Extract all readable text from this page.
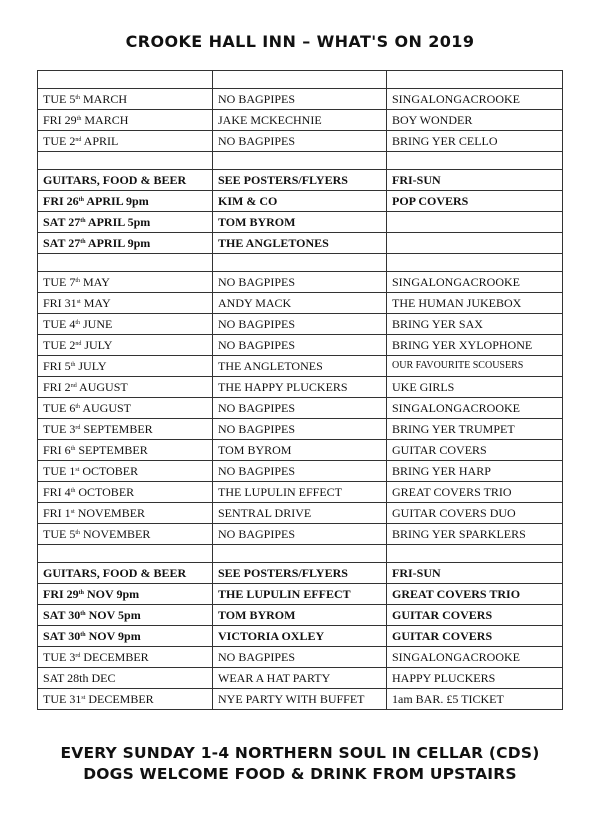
CROOKE HALL INN – WHAT'S ON 2019

TUE 5th MARCH	NO BAGPIPES	SINGALONGACROOKE
FRI 29th MARCH	JAKE MCKECHNIE	BOY WONDER
TUE 2nd APRIL	NO BAGPIPES	BRING YER CELLO

GUITARS, FOOD & BEER	SEE POSTERS/FLYERS	FRI-SUN
FRI 26th APRIL 9pm	KIM & CO	POP COVERS
SAT 27th APRIL 5pm	TOM BYROM	
SAT 27th APRIL 9pm	THE ANGLETONES	

TUE 7th MAY	NO BAGPIPES	SINGALONGACROOKE
FRI 31st MAY	ANDY MACK	THE HUMAN JUKEBOX
TUE 4th JUNE	NO BAGPIPES	BRING YER SAX
TUE 2nd JULY	NO BAGPIPES	BRING YER XYLOPHONE
FRI 5th JULY	THE ANGLETONES	OUR FAVOURITE SCOUSERS
FRI 2nd AUGUST	THE HAPPY PLUCKERS	UKE GIRLS
TUE 6th AUGUST	NO BAGPIPES	SINGALONGACROOKE
TUE 3rd SEPTEMBER	NO BAGPIPES	BRING YER TRUMPET
FRI 6th SEPTEMBER	TOM BYROM	GUITAR COVERS
TUE 1st OCTOBER	NO BAGPIPES	BRING YER HARP
FRI 4th OCTOBER	THE LUPULIN EFFECT	GREAT COVERS TRIO
FRI 1st NOVEMBER	SENTRAL DRIVE	GUITAR COVERS DUO
TUE 5th NOVEMBER	NO BAGPIPES	BRING YER SPARKLERS

GUITARS, FOOD & BEER	SEE POSTERS/FLYERS	FRI-SUN
FRI 29th NOV 9pm	THE LUPULIN EFFECT	GREAT COVERS TRIO
SAT 30th NOV 5pm	TOM BYROM	GUITAR COVERS
SAT 30th NOV 9pm	VICTORIA OXLEY	GUITAR COVERS
TUE 3rd DECEMBER	NO BAGPIPES	SINGALONGACROOKE
SAT 28th DEC	WEAR A HAT PARTY	HAPPY PLUCKERS
TUE 31st DECEMBER	NYE PARTY WITH BUFFET	1am BAR. £5 TICKET
EVERY SUNDAY 1-4 NORTHERN SOUL IN CELLAR (CDS)
DOGS WELCOME FOOD & DRINK FROM UPSTAIRS
